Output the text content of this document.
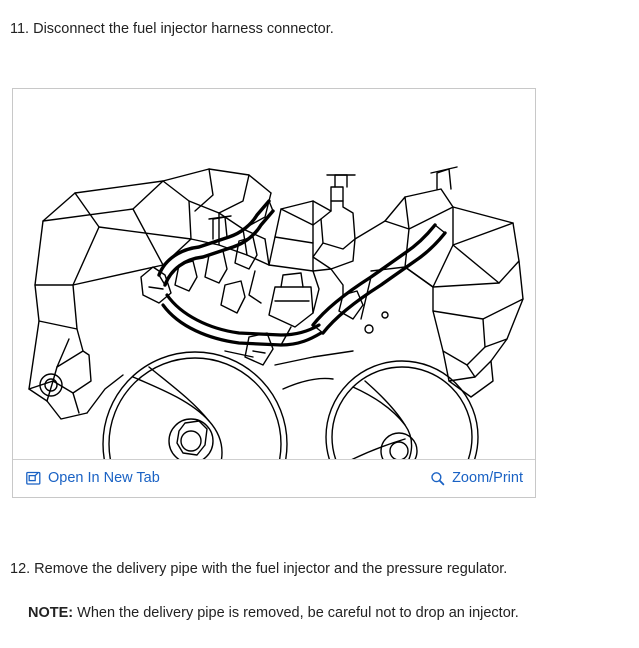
11. Disconnect the fuel injector harness connector.
Open In New Tab	Zoom/Print
12. Remove the delivery pipe with the fuel injector and the pressure regulator.
NOTE: When the delivery pipe is removed, be careful not to drop an injector.
